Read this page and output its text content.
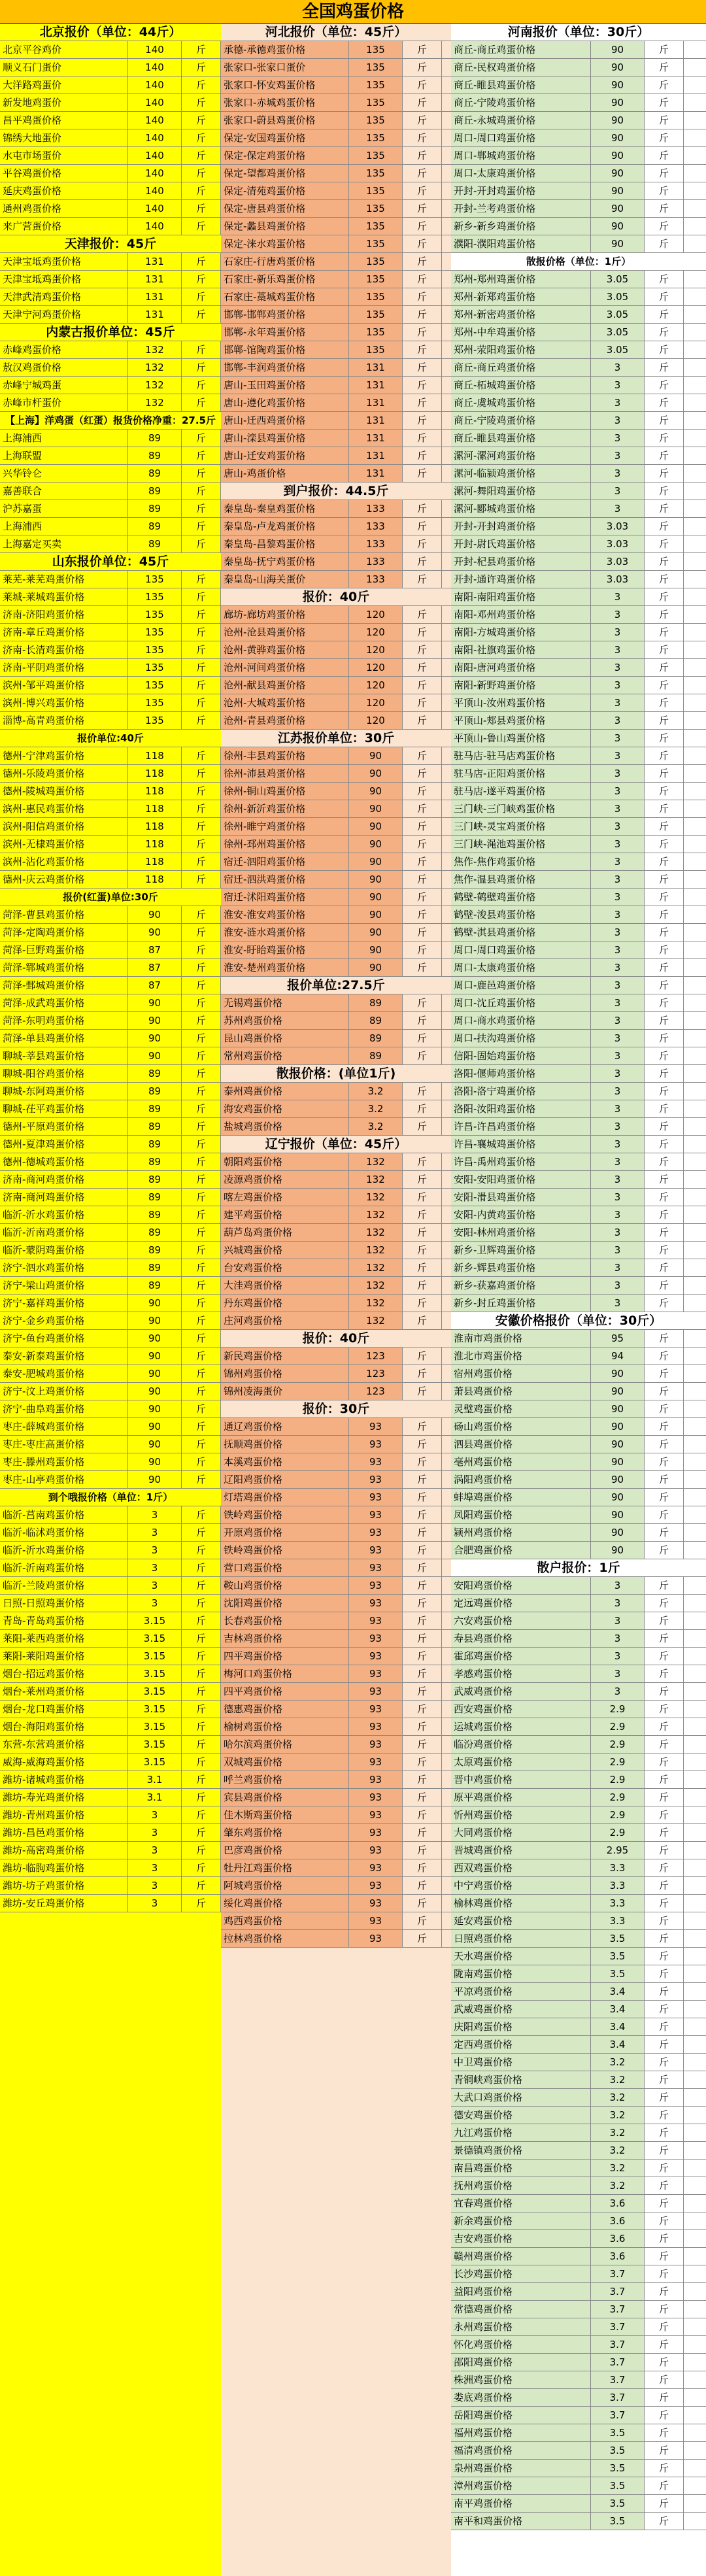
全国鸡蛋价格
北京报价（单位：44斤）
北京平谷鸡价	140	斤
顺义石门蛋价	140	斤
大洋路鸡蛋价	140	斤
新发地鸡蛋价	140	斤
昌平鸡蛋价格	140	斤
锦绣大地蛋价	140	斤
水屯市场蛋价	140	斤
平谷鸡蛋价格	140	斤
延庆鸡蛋价格	140	斤
通州鸡蛋价格	140	斤
来广营蛋价格	140	斤
天津报价：45斤
天津宝坻鸡蛋价格	131	斤
天津宝坻鸡蛋价格	131	斤
天津武清鸡蛋价格	131	斤
天津宁河鸡蛋价格	131	斤
内蒙古报价单位：45斤
赤峰鸡蛋价格	132	斤
敖汉鸡蛋价格	132	斤
赤峰宁城鸡蛋	132	斤
赤峰市杆蛋价	132	斤
【上海】洋鸡蛋（红蛋）报货价格净重：27.5斤
上海浦西	89	斤
上海联盟	89	斤
兴华铃仑	89	斤
嘉善联合	89	斤
沪苏嘉蛋	89	斤
上海浦西	89	斤
上海嘉定买卖	89	斤
山东报价单位：45斤
莱芜-莱芜鸡蛋价格	135	斤
莱城-莱城鸡蛋价格	135	斤
济南-济阳鸡蛋价格	135	斤
济南-章丘鸡蛋价格	135	斤
济南-长清鸡蛋价格	135	斤
济南-平阴鸡蛋价格	135	斤
滨州-邹平鸡蛋价格	135	斤
滨州-博兴鸡蛋价格	135	斤
淄博-高青鸡蛋价格	135	斤
报价单位:40斤
德州-宁津鸡蛋价格	118	斤
德州-乐陵鸡蛋价格	118	斤
德州-陵城鸡蛋价格	118	斤
滨州-惠民鸡蛋价格	118	斤
滨州-阳信鸡蛋价格	118	斤
滨州-无棣鸡蛋价格	118	斤
滨州-沾化鸡蛋价格	118	斤
德州-庆云鸡蛋价格	118	斤
报价(红蛋)单位:30斤
菏泽-曹县鸡蛋价格	90	斤
菏泽-定陶鸡蛋价格	90	斤
菏泽-巨野鸡蛋价格	87	斤
菏泽-郓城鸡蛋价格	87	斤
菏泽-鄄城鸡蛋价格	87	斤
菏泽-成武鸡蛋价格	90	斤
菏泽-东明鸡蛋价格	90	斤
菏泽-单县鸡蛋价格	90	斤
聊城-莘县鸡蛋价格	90	斤
聊城-阳谷鸡蛋价格	89	斤
聊城-东阿鸡蛋价格	89	斤
聊城-茌平鸡蛋价格	89	斤
德州-平原鸡蛋价格	89	斤
德州-夏津鸡蛋价格	89	斤
德州-德城鸡蛋价格	89	斤
济南-商河鸡蛋价格	89	斤
济南-商河鸡蛋价格	89	斤
临沂-沂水鸡蛋价格	89	斤
临沂-沂南鸡蛋价格	89	斤
临沂-蒙阴鸡蛋价格	89	斤
济宁-泗水鸡蛋价格	89	斤
济宁-梁山鸡蛋价格	89	斤
济宁-嘉祥鸡蛋价格	90	斤
济宁-金乡鸡蛋价格	90	斤
济宁-鱼台鸡蛋价格	90	斤
泰安-新泰鸡蛋价格	90	斤
泰安-肥城鸡蛋价格	90	斤
济宁-汶上鸡蛋价格	90	斤
济宁-曲阜鸡蛋价格	90	斤
枣庄-薛城鸡蛋价格	90	斤
枣庄-枣庄高蛋价格	90	斤
枣庄-滕州鸡蛋价格	90	斤
枣庄-山亭鸡蛋价格	90	斤
到个哦报价格（单位：1斤）
临沂-莒南鸡蛋价格	3	斤
临沂-临沭鸡蛋价格	3	斤
临沂-沂水鸡蛋价格	3	斤
临沂-沂南鸡蛋价格	3	斤
临沂-兰陵鸡蛋价格	3	斤
日照-日照鸡蛋价格	3	斤
青岛-青岛鸡蛋价格	3.15	斤
莱阳-莱西鸡蛋价格	3.15	斤
莱阳-莱阳鸡蛋价格	3.15	斤
烟台-招远鸡蛋价格	3.15	斤
烟台-莱州鸡蛋价格	3.15	斤
烟台-龙口鸡蛋价格	3.15	斤
烟台-海阳鸡蛋价格	3.15	斤
东营-东营鸡蛋价格	3.15	斤
威海-威海鸡蛋价格	3.15	斤
潍坊-诸城鸡蛋价格	3.1	斤
潍坊-寿光鸡蛋价格	3.1	斤
潍坊-青州鸡蛋价格	3	斤
潍坊-昌邑鸡蛋价格	3	斤
潍坊-高密鸡蛋价格	3	斤
潍坊-临朐鸡蛋价格	3	斤
潍坊-坊子鸡蛋价格	3	斤
潍坊-安丘鸡蛋价格	3	斤
河北报价（单位：45斤）
承德-承德鸡蛋价格	135	斤
张家口-张家口蛋价	135	斤
张家口-怀安鸡蛋价格	135	斤
张家口-赤城鸡蛋价格	135	斤
张家口-蔚县鸡蛋价格	135	斤
保定-安国鸡蛋价格	135	斤
保定-保定鸡蛋价格	135	斤
保定-望都鸡蛋价格	135	斤
保定-清苑鸡蛋价格	135	斤
保定-唐县鸡蛋价格	135	斤
保定-蠡县鸡蛋价格	135	斤
保定-涞水鸡蛋价格	135	斤
石家庄-行唐鸡蛋价格	135	斤
石家庄-新乐鸡蛋价格	135	斤
石家庄-藁城鸡蛋价格	135	斤
邯郸-邯郸鸡蛋价格	135	斤
邯郸-永年鸡蛋价格	135	斤
邯郸-馆陶鸡蛋价格	135	斤
邯郸-丰润鸡蛋价格	131	斤
唐山-玉田鸡蛋价格	131	斤
唐山-遵化鸡蛋价格	131	斤
唐山-迁西鸡蛋价格	131	斤
唐山-滦县鸡蛋价格	131	斤
唐山-迁安鸡蛋价格	131	斤
唐山-鸡蛋价格	131	斤
到户报价：44.5斤
秦皇岛-秦皇鸡蛋价格	133	斤
秦皇岛-卢龙鸡蛋价格	133	斤
秦皇岛-昌黎鸡蛋价格	133	斤
秦皇岛-抚宁鸡蛋价格	133	斤
秦皇岛-山海关蛋价	133	斤
报价：40斤
廊坊-廊坊鸡蛋价格	120	斤
沧州-沧县鸡蛋价格	120	斤
沧州-黄骅鸡蛋价格	120	斤
沧州-河间鸡蛋价格	120	斤
沧州-献县鸡蛋价格	120	斤
沧州-大城鸡蛋价格	120	斤
沧州-青县鸡蛋价格	120	斤
江苏报价单位：30斤
徐州-丰县鸡蛋价格	90	斤
徐州-沛县鸡蛋价格	90	斤
徐州-铜山鸡蛋价格	90	斤
徐州-新沂鸡蛋价格	90	斤
徐州-睢宁鸡蛋价格	90	斤
徐州-邳州鸡蛋价格	90	斤
宿迁-泗阳鸡蛋价格	90	斤
宿迁-泗洪鸡蛋价格	90	斤
宿迁-沭阳鸡蛋价格	90	斤
淮安-淮安鸡蛋价格	90	斤
淮安-涟水鸡蛋价格	90	斤
淮安-盱眙鸡蛋价格	90	斤
淮安-楚州鸡蛋价格	90	斤
报价单位:27.5斤
无锡鸡蛋价格	89	斤
苏州鸡蛋价格	89	斤
昆山鸡蛋价格	89	斤
常州鸡蛋价格	89	斤
散报价格：(单位1斤)
泰州鸡蛋价格	3.2	斤
海安鸡蛋价格	3.2	斤
盐城鸡蛋价格	3.2	斤
辽宁报价（单位：45斤）
朝阳鸡蛋价格	132	斤
凌源鸡蛋价格	132	斤
喀左鸡蛋价格	132	斤
建平鸡蛋价格	132	斤
葫芦岛鸡蛋价格	132	斤
兴城鸡蛋价格	132	斤
台安鸡蛋价格	132	斤
大洼鸡蛋价格	132	斤
丹东鸡蛋价格	132	斤
庄河鸡蛋价格	132	斤
报价：40斤
新民鸡蛋价格	123	斤
锦州鸡蛋价格	123	斤
锦州凌海蛋价	123	斤
报价：30斤
通辽鸡蛋价格	93	斤
抚顺鸡蛋价格	93	斤
本溪鸡蛋价格	93	斤
辽阳鸡蛋价格	93	斤
灯塔鸡蛋价格	93	斤
铁岭鸡蛋价格	93	斤
开原鸡蛋价格	93	斤
铁岭鸡蛋价格	93	斤
营口鸡蛋价格	93	斤
鞍山鸡蛋价格	93	斤
沈阳鸡蛋价格	93	斤
长春鸡蛋价格	93	斤
吉林鸡蛋价格	93	斤
四平鸡蛋价格	93	斤
梅河口鸡蛋价格	93	斤
四平鸡蛋价格	93	斤
德惠鸡蛋价格	93	斤
榆树鸡蛋价格	93	斤
哈尔滨鸡蛋价格	93	斤
双城鸡蛋价格	93	斤
呼兰鸡蛋价格	93	斤
宾县鸡蛋价格	93	斤
佳木斯鸡蛋价格	93	斤
肇东鸡蛋价格	93	斤
巴彦鸡蛋价格	93	斤
牡丹江鸡蛋价格	93	斤
阿城鸡蛋价格	93	斤
绥化鸡蛋价格	93	斤
鸡西鸡蛋价格	93	斤
拉林鸡蛋价格	93	斤
河南报价（单位：30斤）
商丘-商丘鸡蛋价格	90	斤
商丘-民权鸡蛋价格	90	斤
商丘-睢县鸡蛋价格	90	斤
商丘-宁陵鸡蛋价格	90	斤
商丘-永城鸡蛋价格	90	斤
周口-周口鸡蛋价格	90	斤
周口-郸城鸡蛋价格	90	斤
周口-太康鸡蛋价格	90	斤
开封-开封鸡蛋价格	90	斤
开封-兰考鸡蛋价格	90	斤
新乡-新乡鸡蛋价格	90	斤
濮阳-濮阳鸡蛋价格	90	斤
散报价格（单位：1斤）
郑州-郑州鸡蛋价格	3.05	斤
郑州-新郑鸡蛋价格	3.05	斤
郑州-新密鸡蛋价格	3.05	斤
郑州-中牟鸡蛋价格	3.05	斤
郑州-荥阳鸡蛋价格	3.05	斤
商丘-商丘鸡蛋价格	3	斤
商丘-柘城鸡蛋价格	3	斤
商丘-虞城鸡蛋价格	3	斤
商丘-宁陵鸡蛋价格	3	斤
商丘-睢县鸡蛋价格	3	斤
漯河-漯河鸡蛋价格	3	斤
漯河-临颍鸡蛋价格	3	斤
漯河-舞阳鸡蛋价格	3	斤
漯河-郾城鸡蛋价格	3	斤
开封-开封鸡蛋价格	3.03	斤
开封-尉氏鸡蛋价格	3.03	斤
开封-杞县鸡蛋价格	3.03	斤
开封-通许鸡蛋价格	3.03	斤
南阳-南阳鸡蛋价格	3	斤
南阳-邓州鸡蛋价格	3	斤
南阳-方城鸡蛋价格	3	斤
南阳-社旗鸡蛋价格	3	斤
南阳-唐河鸡蛋价格	3	斤
南阳-新野鸡蛋价格	3	斤
平顶山-汝州鸡蛋价格	3	斤
平顶山-郏县鸡蛋价格	3	斤
平顶山-鲁山鸡蛋价格	3	斤
驻马店-驻马店鸡蛋价格	3	斤
驻马店-正阳鸡蛋价格	3	斤
驻马店-遂平鸡蛋价格	3	斤
三门峡-三门峡鸡蛋价格	3	斤
三门峡-灵宝鸡蛋价格	3	斤
三门峡-渑池鸡蛋价格	3	斤
焦作-焦作鸡蛋价格	3	斤
焦作-温县鸡蛋价格	3	斤
鹤壁-鹤壁鸡蛋价格	3	斤
鹤壁-浚县鸡蛋价格	3	斤
鹤壁-淇县鸡蛋价格	3	斤
周口-周口鸡蛋价格	3	斤
周口-太康鸡蛋价格	3	斤
周口-鹿邑鸡蛋价格	3	斤
周口-沈丘鸡蛋价格	3	斤
周口-商水鸡蛋价格	3	斤
周口-扶沟鸡蛋价格	3	斤
信阳-固始鸡蛋价格	3	斤
洛阳-偃师鸡蛋价格	3	斤
洛阳-洛宁鸡蛋价格	3	斤
洛阳-汝阳鸡蛋价格	3	斤
许昌-许昌鸡蛋价格	3	斤
许昌-襄城鸡蛋价格	3	斤
许昌-禹州鸡蛋价格	3	斤
安阳-安阳鸡蛋价格	3	斤
安阳-滑县鸡蛋价格	3	斤
安阳-内黄鸡蛋价格	3	斤
安阳-林州鸡蛋价格	3	斤
新乡-卫辉鸡蛋价格	3	斤
新乡-辉县鸡蛋价格	3	斤
新乡-获嘉鸡蛋价格	3	斤
新乡-封丘鸡蛋价格	3	斤
安徽价格报价（单位：30斤）
淮南市鸡蛋价格	95	斤
淮北市鸡蛋价格	94	斤
宿州鸡蛋价格	90	斤
萧县鸡蛋价格	90	斤
灵璧鸡蛋价格	90	斤
砀山鸡蛋价格	90	斤
泗县鸡蛋价格	90	斤
亳州鸡蛋价格	90	斤
涡阳鸡蛋价格	90	斤
蚌埠鸡蛋价格	90	斤
凤阳鸡蛋价格	90	斤
颍州鸡蛋价格	90	斤
合肥鸡蛋价格	90	斤
散户报价：1斤
安阳鸡蛋价格	3	斤
定远鸡蛋价格	3	斤
六安鸡蛋价格	3	斤
寿县鸡蛋价格	3	斤
霍邱鸡蛋价格	3	斤
孝感鸡蛋价格	3	斤
武威鸡蛋价格	3	斤
西安鸡蛋价格	2.9	斤
运城鸡蛋价格	2.9	斤
临汾鸡蛋价格	2.9	斤
太原鸡蛋价格	2.9	斤
晋中鸡蛋价格	2.9	斤
原平鸡蛋价格	2.9	斤
忻州鸡蛋价格	2.9	斤
大同鸡蛋价格	2.9	斤
晋城鸡蛋价格	2.95	斤
西双鸡蛋价格	3.3	斤
中宁鸡蛋价格	3.3	斤
榆林鸡蛋价格	3.3	斤
延安鸡蛋价格	3.3	斤
日照鸡蛋价格	3.5	斤
天水鸡蛋价格	3.5	斤
陇南鸡蛋价格	3.5	斤
平凉鸡蛋价格	3.4	斤
武威鸡蛋价格	3.4	斤
庆阳鸡蛋价格	3.4	斤
定西鸡蛋价格	3.4	斤
中卫鸡蛋价格	3.2	斤
青铜峡鸡蛋价格	3.2	斤
大武口鸡蛋价格	3.2	斤
德安鸡蛋价格	3.2	斤
九江鸡蛋价格	3.2	斤
景德镇鸡蛋价格	3.2	斤
南昌鸡蛋价格	3.2	斤
抚州鸡蛋价格	3.2	斤
宜春鸡蛋价格	3.6	斤
新余鸡蛋价格	3.6	斤
吉安鸡蛋价格	3.6	斤
赣州鸡蛋价格	3.6	斤
长沙鸡蛋价格	3.7	斤
益阳鸡蛋价格	3.7	斤
常德鸡蛋价格	3.7	斤
永州鸡蛋价格	3.7	斤
怀化鸡蛋价格	3.7	斤
邵阳鸡蛋价格	3.7	斤
株洲鸡蛋价格	3.7	斤
娄底鸡蛋价格	3.7	斤
岳阳鸡蛋价格	3.7	斤
福州鸡蛋价格	3.5	斤
福清鸡蛋价格	3.5	斤
泉州鸡蛋价格	3.5	斤
漳州鸡蛋价格	3.5	斤
南平鸡蛋价格	3.5	斤
南平和鸡蛋价格	3.5	斤
